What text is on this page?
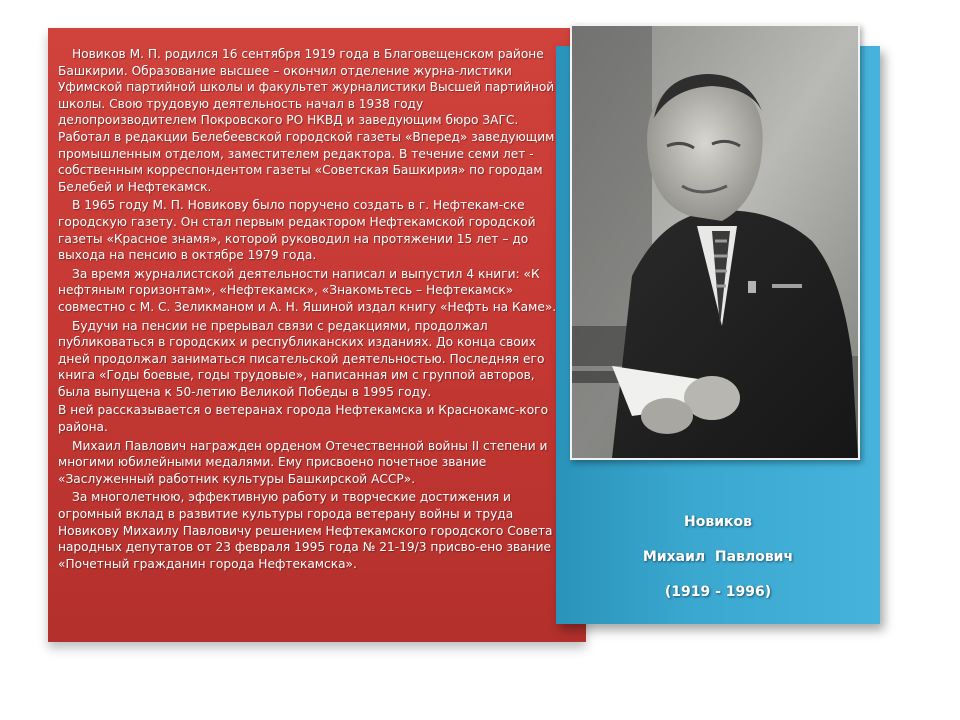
Новиков М. П. родился 16 сентября 1919 года в Благовещенском районе Башкирии. Образование высшее – окончил отделение журна-листики Уфимской партийной школы и факультет журналистики Высшей партийной школы. Свою трудовую деятельность начал в 1938 году делопроизводителем Покровского РО НКВД и заведующим бюро ЗАГС. Работал в редакции Белебеевской городской газеты «Вперед» заведующим промышленным отделом, заместителем редактора. В течение семи лет - собственным корреспондентом газеты «Советская Башкирия» по городам Белебей и Нефтекамск.

В 1965 году М. П. Новикову было поручено создать в г. Нефтекам-ске городскую газету. Он стал первым редактором Нефтекамской городской газеты «Красное знамя», которой руководил на протяжении 15 лет – до выхода на пенсию в октябре 1979 года.

За время журналистской деятельности написал и выпустил 4 книги: «К нефтяным горизонтам», «Нефтекамск», «Знакомьтесь – Нефтекамск» совместно с М. С. Зеликманом и А. Н. Яшиной издал книгу «Нефть на Каме».

Будучи на пенсии не прерывал связи с редакциями, продолжал публиковаться в городских и республиканских изданиях. До конца своих дней продолжал заниматься писательской деятельностью. Последняя его книга «Годы боевые, годы трудовые», написанная им с группой авторов, была выпущена к 50-летию Великой Победы в 1995 году.

В ней рассказывается о ветеранах города Нефтекамска и Краснокамс-кого района.

Михаил Павлович награжден орденом Отечественной войны II степени и многими юбилейными медалями. Ему присвоено почетное звание «Заслуженный работник культуры Башкирской АССР».

За многолетнюю, эффективную работу и творческие достижения и огромный вклад в развитие культуры города ветерану войны и труда Новикову Михаилу Павловичу решением Нефтекамского городского Совета народных депутатов от 23 февраля 1995 года № 21-19/3 присво-ено звание «Почетный гражданин города Нефтекамска».

Новиков
Михаил  Павлович
(1919 - 1996)
